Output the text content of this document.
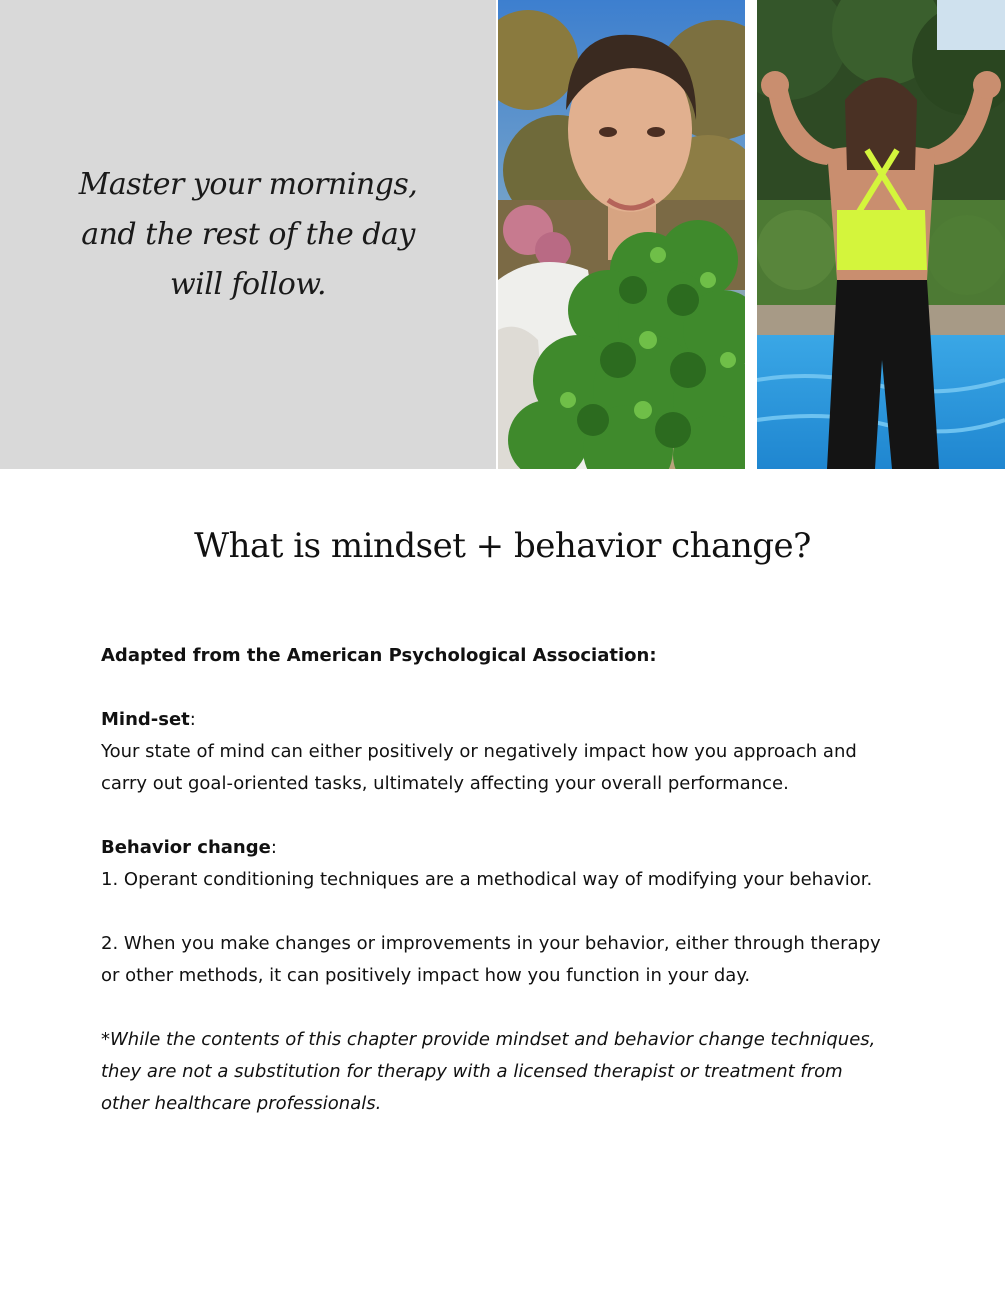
Master your mornings,
and the rest of the day
will follow.
What is mindset + behavior change?

Adapted from the American Psychological Association:

Mind-set:

Your state of mind can either positively or negatively impact how you approach and carry out goal-oriented tasks, ultimately affecting your overall performance.

Behavior change:

1. Operant conditioning techniques are a methodical way of modifying your behavior.

2. When you make changes or improvements in your behavior, either through therapy or other methods, it can positively impact how you function in your day.

*While the contents of this chapter provide mindset and behavior change techniques, they are not a substitution for therapy with a licensed therapist or treatment from other healthcare professionals.
